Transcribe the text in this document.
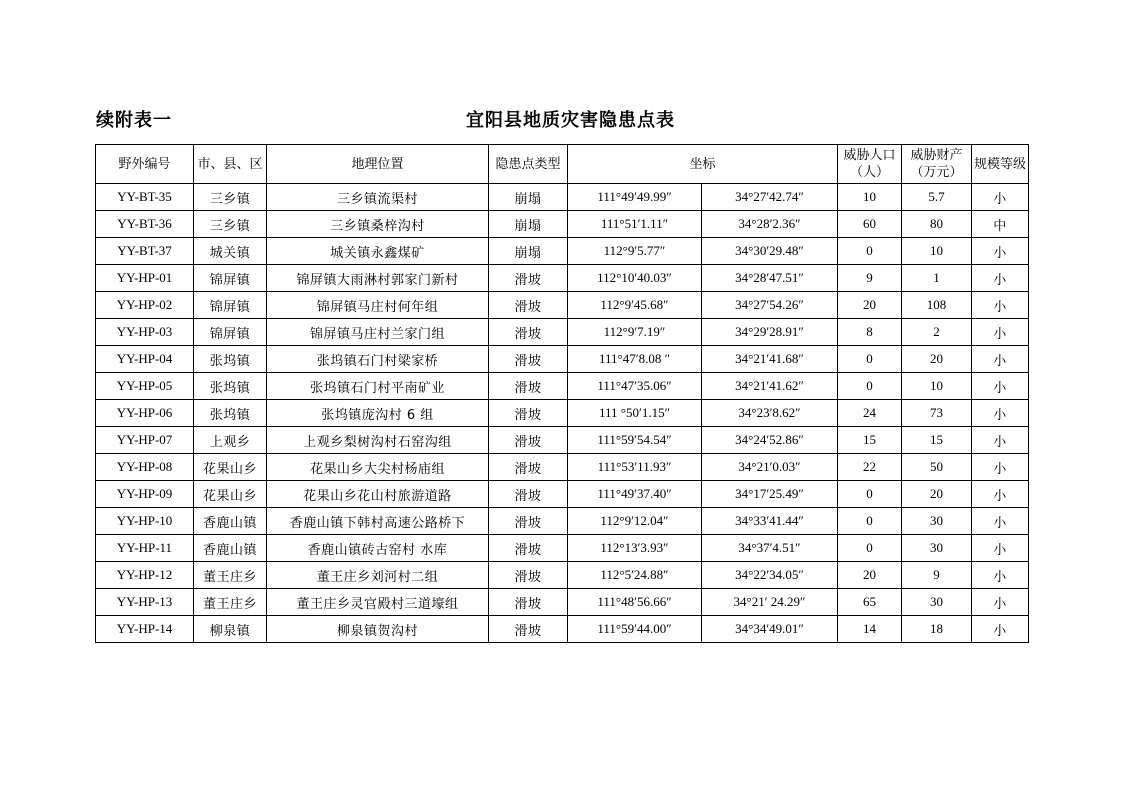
续附表一	宜阳县地质灾害隐患点表
野外编号	市、县、区	地理位置	隐患点类型	坐标		威胁人口（人）	威胁财产（万元）	规模等级
YY-BT-35	三乡镇	三乡镇流渠村	崩塌	111°49′49.99″	34°27′42.74″	10	5.7	小
YY-BT-36	三乡镇	三乡镇桑梓沟村	崩塌	111°51′1.11″	34°28′2.36″	60	80	中
YY-BT-37	城关镇	城关镇永鑫煤矿	崩塌	112°9′5.77″	34°30′29.48″	0	10	小
YY-HP-01	锦屏镇	锦屏镇大雨淋村郭家门新村	滑坡	112°10′40.03″	34°28′47.51″	9	1	小
YY-HP-02	锦屏镇	锦屏镇马庄村何年组	滑坡	112°9′45.68″	34°27′54.26″	20	108	小
YY-HP-03	锦屏镇	锦屏镇马庄村兰家门组	滑坡	112°9′7.19″	34°29′28.91″	8	2	小
YY-HP-04	张坞镇	张坞镇石门村梁家桥	滑坡	111°47′8.08 ″	34°21′41.68″	0	20	小
YY-HP-05	张坞镇	张坞镇石门村平南矿业	滑坡	111°47′35.06″	34°21′41.62″	0	10	小
YY-HP-06	张坞镇	张坞镇庞沟村 6 组	滑坡	111 °50′1.15″	34°23′8.62″	24	73	小
YY-HP-07	上观乡	上观乡梨树沟村石窑沟组	滑坡	111°59′54.54″	34°24′52.86″	15	15	小
YY-HP-08	花果山乡	花果山乡大尖村杨庙组	滑坡	111°53′11.93″	34°21′0.03″	22	50	小
YY-HP-09	花果山乡	花果山乡花山村旅游道路	滑坡	111°49′37.40″	34°17′25.49″	0	20	小
YY-HP-10	香鹿山镇	香鹿山镇下韩村高速公路桥下	滑坡	112°9′12.04″	34°33′41.44″	0	30	小
YY-HP-11	香鹿山镇	香鹿山镇砖古窑村 水库	滑坡	112°13′3.93″	34°37′4.51″	0	30	小
YY-HP-12	董王庄乡	董王庄乡刘河村二组	滑坡	112°5′24.88″	34°22′34.05″	20	9	小
YY-HP-13	董王庄乡	董王庄乡灵官殿村三道壕组	滑坡	111°48′56.66″	34°21′ 24.29″	65	30	小
YY-HP-14	柳泉镇	柳泉镇贺沟村	滑坡	111°59′44.00″	34°34′49.01″	14	18	小
